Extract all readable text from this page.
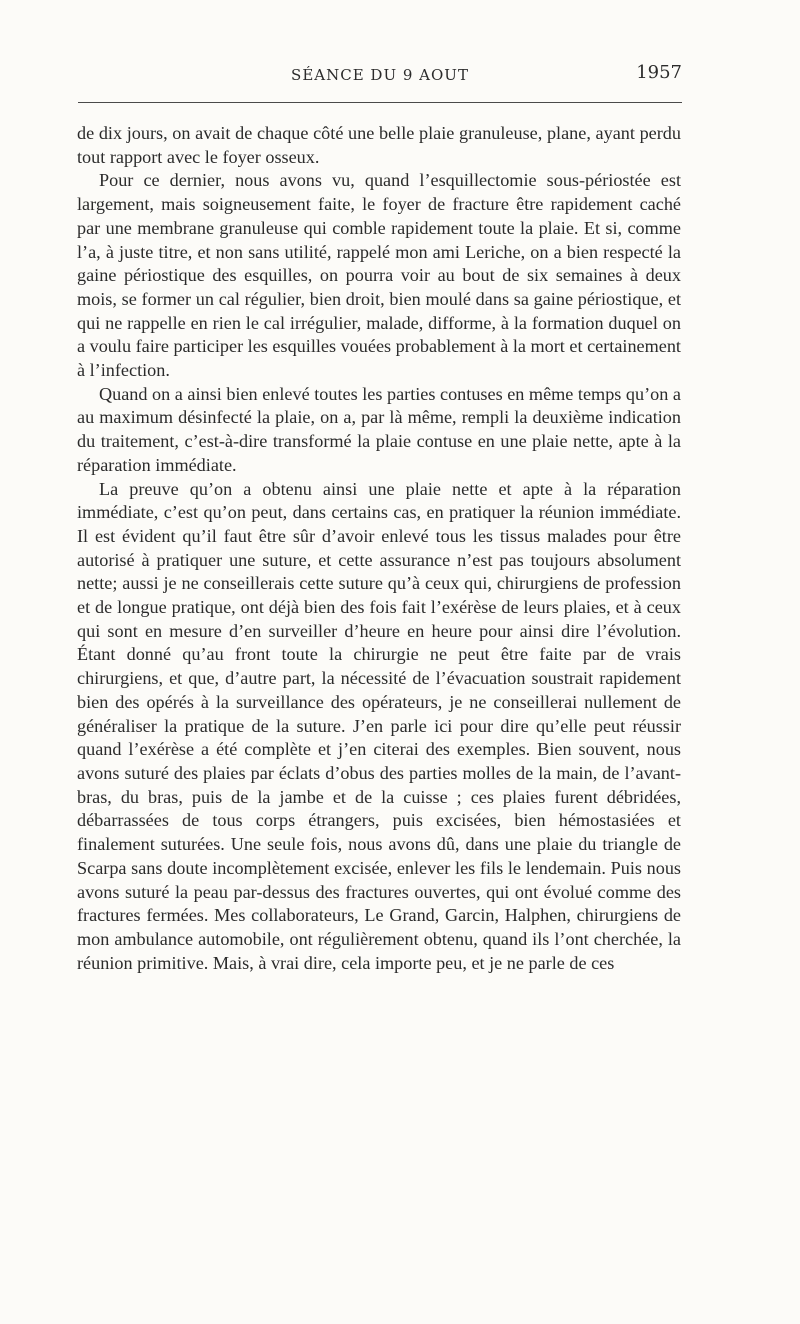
SÉANCE DU 9 AOUT	1957

de dix jours, on avait de chaque côté une belle plaie granuleuse, plane, ayant perdu tout rapport avec le foyer osseux.

Pour ce dernier, nous avons vu, quand l’esquillectomie sous-périostée est largement, mais soigneusement faite, le foyer de fracture être rapidement caché par une membrane granuleuse qui comble rapidement toute la plaie. Et si, comme l’a, à juste titre, et non sans utilité, rappelé mon ami Leriche, on a bien respecté la gaine périostique des esquilles, on pourra voir au bout de six semaines à deux mois, se former un cal régulier, bien droit, bien moulé dans sa gaine périostique, et qui ne rappelle en rien le cal irrégulier, malade, difforme, à la formation duquel on a voulu faire participer les esquilles vouées probablement à la mort et certainement à l’infection.

Quand on a ainsi bien enlevé toutes les parties contuses en même temps qu’on a au maximum désinfecté la plaie, on a, par là même, rempli la deuxième indication du traitement, c’est-à-dire transformé la plaie contuse en une plaie nette, apte à la réparation immédiate.

La preuve qu’on a obtenu ainsi une plaie nette et apte à la réparation immédiate, c’est qu’on peut, dans certains cas, en pratiquer la réunion immédiate. Il est évident qu’il faut être sûr d’avoir enlevé tous les tissus malades pour être autorisé à pratiquer une suture, et cette assurance n’est pas toujours absolument nette; aussi je ne conseillerais cette suture qu’à ceux qui, chirurgiens de profession et de longue pratique, ont déjà bien des fois fait l’exérèse de leurs plaies, et à ceux qui sont en mesure d’en surveiller d’heure en heure pour ainsi dire l’évolution. Étant donné qu’au front toute la chirurgie ne peut être faite par de vrais chirurgiens, et que, d’autre part, la nécessité de l’évacuation soustrait rapidement bien des opérés à la surveillance des opérateurs, je ne conseillerai nullement de généraliser la pratique de la suture. J’en parle ici pour dire qu’elle peut réussir quand l’exérèse a été complète et j’en citerai des exemples. Bien souvent, nous avons suturé des plaies par éclats d’obus des parties molles de la main, de l’avant-bras, du bras, puis de la jambe et de la cuisse ; ces plaies furent débridées, débarrassées de tous corps étrangers, puis excisées, bien hémostasiées et finalement suturées. Une seule fois, nous avons dû, dans une plaie du triangle de Scarpa sans doute incomplètement excisée, enlever les fils le lendemain. Puis nous avons suturé la peau par-dessus des fractures ouvertes, qui ont évolué comme des fractures fermées. Mes collaborateurs, Le Grand, Garcin, Halphen, chirurgiens de mon ambulance automobile, ont régulièrement obtenu, quand ils l’ont cherchée, la réunion primitive. Mais, à vrai dire, cela importe peu, et je ne parle de ces
